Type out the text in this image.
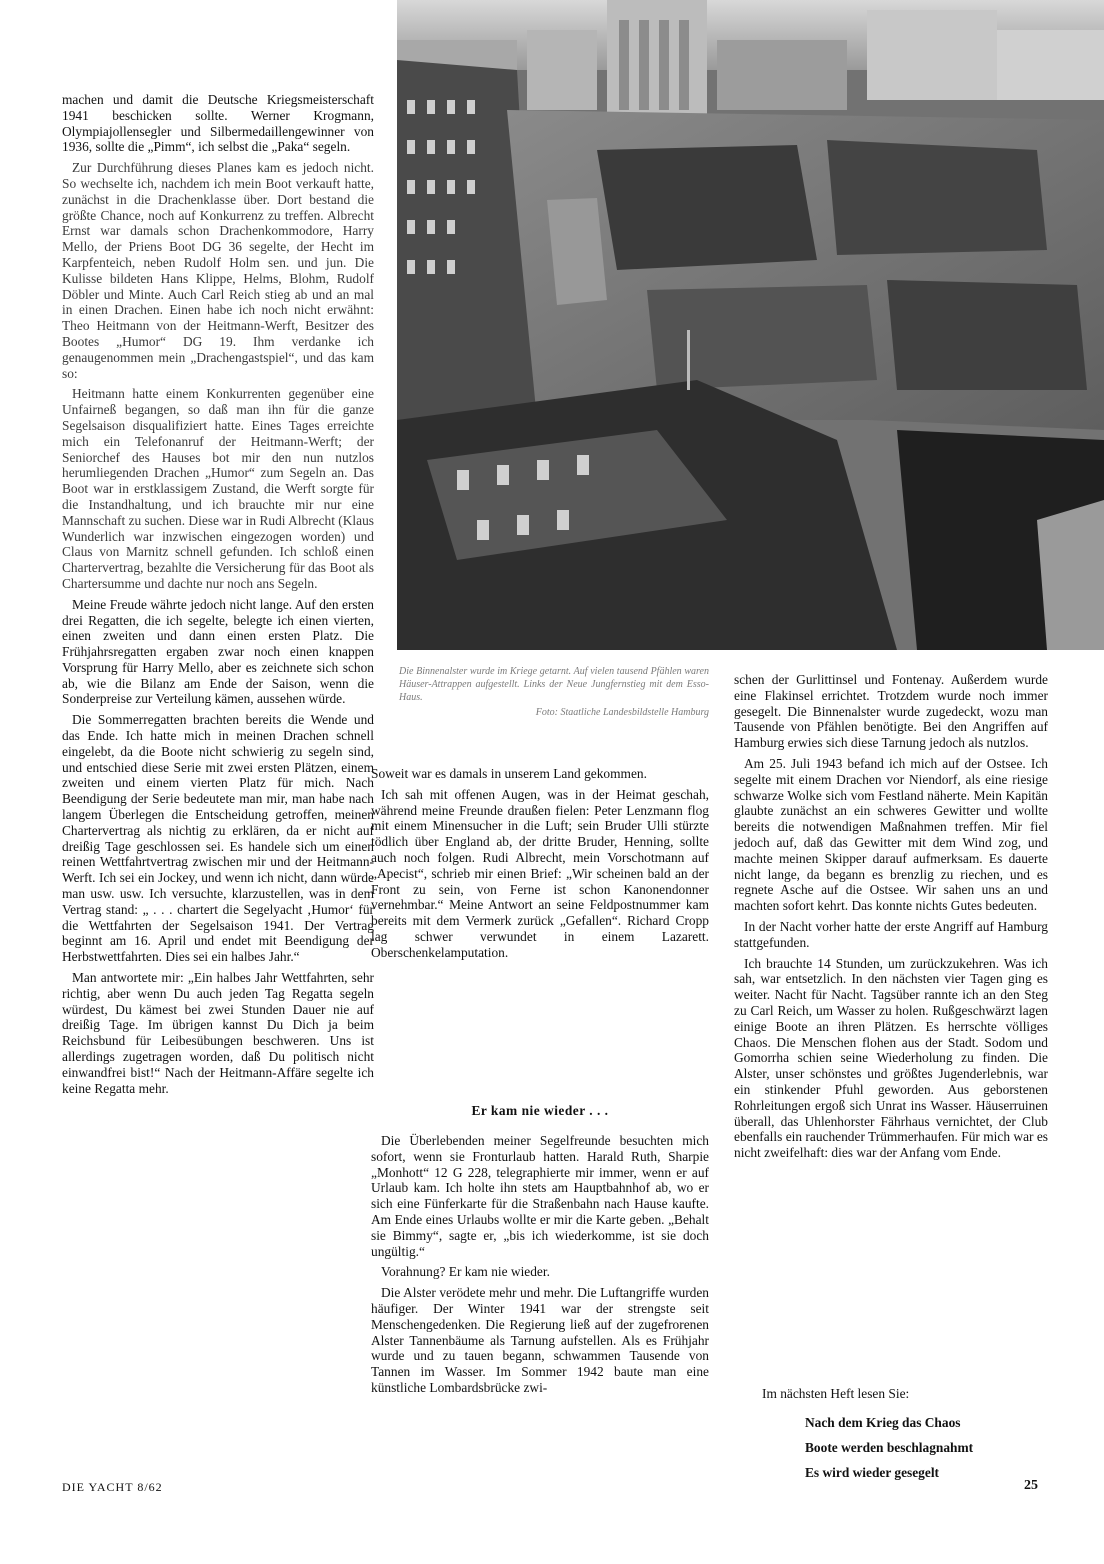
machen und damit die Deutsche Kriegsmeisterschaft 1941 beschicken sollte. Werner Krogmann, Olympiajollensegler und Silbermedaillengewinner von 1936, sollte die „Pimm“, ich selbst die „Paka“ segeln.

Zur Durchführung dieses Planes kam es jedoch nicht. So wechselte ich, nachdem ich mein Boot verkauft hatte, zunächst in die Drachenklasse über. Dort bestand die größte Chance, noch auf Konkurrenz zu treffen. Albrecht Ernst war damals schon Drachenkommodore, Harry Mello, der Priens Boot DG 36 segelte, der Hecht im Karpfenteich, neben Rudolf Holm sen. und jun. Die Kulisse bildeten Hans Klippe, Helms, Blohm, Rudolf Döbler und Minte. Auch Carl Reich stieg ab und an mal in einen Drachen. Einen habe ich noch nicht erwähnt: Theo Heitmann von der Heitmann-Werft, Besitzer des Bootes „Humor“ DG 19. Ihm verdanke ich genaugenommen mein „Drachengastspiel“, und das kam so:

Heitmann hatte einem Konkurrenten gegenüber eine Unfairneß begangen, so daß man ihn für die ganze Segelsaison disqualifiziert hatte. Eines Tages erreichte mich ein Telefonanruf der Heitmann-Werft; der Seniorchef des Hauses bot mir den nun nutzlos herumliegenden Drachen „Humor“ zum Segeln an. Das Boot war in erstklassigem Zustand, die Werft sorgte für die Instandhaltung, und ich brauchte mir nur eine Mannschaft zu suchen. Diese war in Rudi Albrecht (Klaus Wunderlich war inzwischen eingezogen worden) und Claus von Marnitz schnell gefunden. Ich schloß einen Chartervertrag, bezahlte die Versicherung für das Boot als Chartersumme und dachte nur noch ans Segeln.

Meine Freude währte jedoch nicht lange. Auf den ersten drei Regatten, die ich segelte, belegte ich einen vierten, einen zweiten und dann einen ersten Platz. Die Frühjahrsregatten ergaben zwar noch einen knappen Vorsprung für Harry Mello, aber es zeichnete sich schon ab, wie die Bilanz am Ende der Saison, wenn die Sonderpreise zur Verteilung kämen, aussehen würde.

Die Sommerregatten brachten bereits die Wende und das Ende. Ich hatte mich in meinen Drachen schnell eingelebt, da die Boote nicht schwierig zu segeln sind, und entschied diese Serie mit zwei ersten Plätzen, einem zweiten und einem vierten Platz für mich. Nach Beendigung der Serie bedeutete man mir, man habe nach langem Überlegen die Entscheidung getroffen, meinen Chartervertrag als nichtig zu erklären, da er nicht auf dreißig Tage geschlossen sei. Es handele sich um einen reinen Wettfahrtvertrag zwischen mir und der Heitmann-Werft. Ich sei ein Jockey, und wenn ich nicht, dann würde man usw. usw. Ich versuchte, klarzustellen, was in dem Vertrag stand: „ . . . chartert die Segelyacht ‚Humor‘ für die Wettfahrten der Segelsaison 1941. Der Vertrag beginnt am 16. April und endet mit Beendigung der Herbstwettfahrten. Dies sei ein halbes Jahr.“

Man antwortete mir: „Ein halbes Jahr Wettfahrten, sehr richtig, aber wenn Du auch jeden Tag Regatta segeln würdest, Du kämest bei zwei Stunden Dauer nie auf dreißig Tage. Im übrigen kannst Du Dich ja beim Reichsbund für Leibesübungen beschweren. Uns ist allerdings zugetragen worden, daß Du politisch nicht einwandfrei bist!“ Nach der Heitmann-Affäre segelte ich keine Regatta mehr.

Die Binnenalster wurde im Kriege getarnt. Auf vielen tausend Pfählen waren Häuser-Attrappen aufgestellt. Links der Neue Jungfernstieg mit dem Esso-Haus.
Foto: Staatliche Landesbildstelle Hamburg

Soweit war es damals in unserem Land gekommen.

Ich sah mit offenen Augen, was in der Heimat geschah, während meine Freunde draußen fielen: Peter Lenzmann flog mit einem Minensucher in die Luft; sein Bruder Ulli stürzte tödlich über England ab, der dritte Bruder, Henning, sollte auch noch folgen. Rudi Albrecht, mein Vorschotmann auf „Apecist“, schrieb mir einen Brief: „Wir scheinen bald an der Front zu sein, von Ferne ist schon Kanonendonner vernehmbar.“ Meine Antwort an seine Feldpostnummer kam bereits mit dem Vermerk zurück „Gefallen“. Richard Cropp lag schwer verwundet in einem Lazarett. Oberschenkelamputation.

Er kam nie wieder . . .

Die Überlebenden meiner Segelfreunde besuchten mich sofort, wenn sie Fronturlaub hatten. Harald Ruth, Sharpie „Monhott“ 12 G 228, telegraphierte mir immer, wenn er auf Urlaub kam. Ich holte ihn stets am Hauptbahnhof ab, wo er sich eine Fünferkarte für die Straßenbahn nach Hause kaufte. Am Ende eines Urlaubs wollte er mir die Karte geben. „Behalt sie Bimmy“, sagte er, „bis ich wiederkomme, ist sie doch ungültig.“

Vorahnung? Er kam nie wieder.

Die Alster verödete mehr und mehr. Die Luftangriffe wurden häufiger. Der Winter 1941 war der strengste seit Menschengedenken. Die Regierung ließ auf der zugefrorenen Alster Tannenbäume als Tarnung aufstellen. Als es Frühjahr wurde und zu tauen begann, schwammen Tausende von Tannen im Wasser. Im Sommer 1942 baute man eine künstliche Lombardsbrücke zwi-

schen der Gurlittinsel und Fontenay. Außerdem wurde eine Flakinsel errichtet. Trotzdem wurde noch immer gesegelt. Die Binnenalster wurde zugedeckt, wozu man Tausende von Pfählen benötigte. Bei den Angriffen auf Hamburg erwies sich diese Tarnung jedoch als nutzlos.

Am 25. Juli 1943 befand ich mich auf der Ostsee. Ich segelte mit einem Drachen vor Niendorf, als eine riesige schwarze Wolke sich vom Festland näherte. Mein Kapitän glaubte zunächst an ein schweres Gewitter und wollte bereits die notwendigen Maßnahmen treffen. Mir fiel jedoch auf, daß das Gewitter mit dem Wind zog, und machte meinen Skipper darauf aufmerksam. Es dauerte nicht lange, da begann es brenzlig zu riechen, und es regnete Asche auf die Ostsee. Wir sahen uns an und machten sofort kehrt. Das konnte nichts Gutes bedeuten.

In der Nacht vorher hatte der erste Angriff auf Hamburg stattgefunden.

Ich brauchte 14 Stunden, um zurückzukehren. Was ich sah, war entsetzlich. In den nächsten vier Tagen ging es weiter. Nacht für Nacht. Tagsüber rannte ich an den Steg zu Carl Reich, um Wasser zu holen. Rußgeschwärzt lagen einige Boote an ihren Plätzen. Es herrschte völliges Chaos. Die Menschen flohen aus der Stadt. Sodom und Gomorrha schien seine Wiederholung zu finden. Die Alster, unser schönstes und größtes Jugenderlebnis, war ein stinkender Pfuhl geworden. Aus geborstenen Rohrleitungen ergoß sich Unrat ins Wasser. Häuserruinen überall, das Uhlenhorster Fährhaus vernichtet, der Club ebenfalls ein rauchender Trümmerhaufen. Für mich war es nicht zweifelhaft: dies war der Anfang vom Ende.

Im nächsten Heft lesen Sie:
Nach dem Krieg das Chaos
Boote werden beschlagnahmt
Es wird wieder gesegelt
DIE YACHT 8/62	25
